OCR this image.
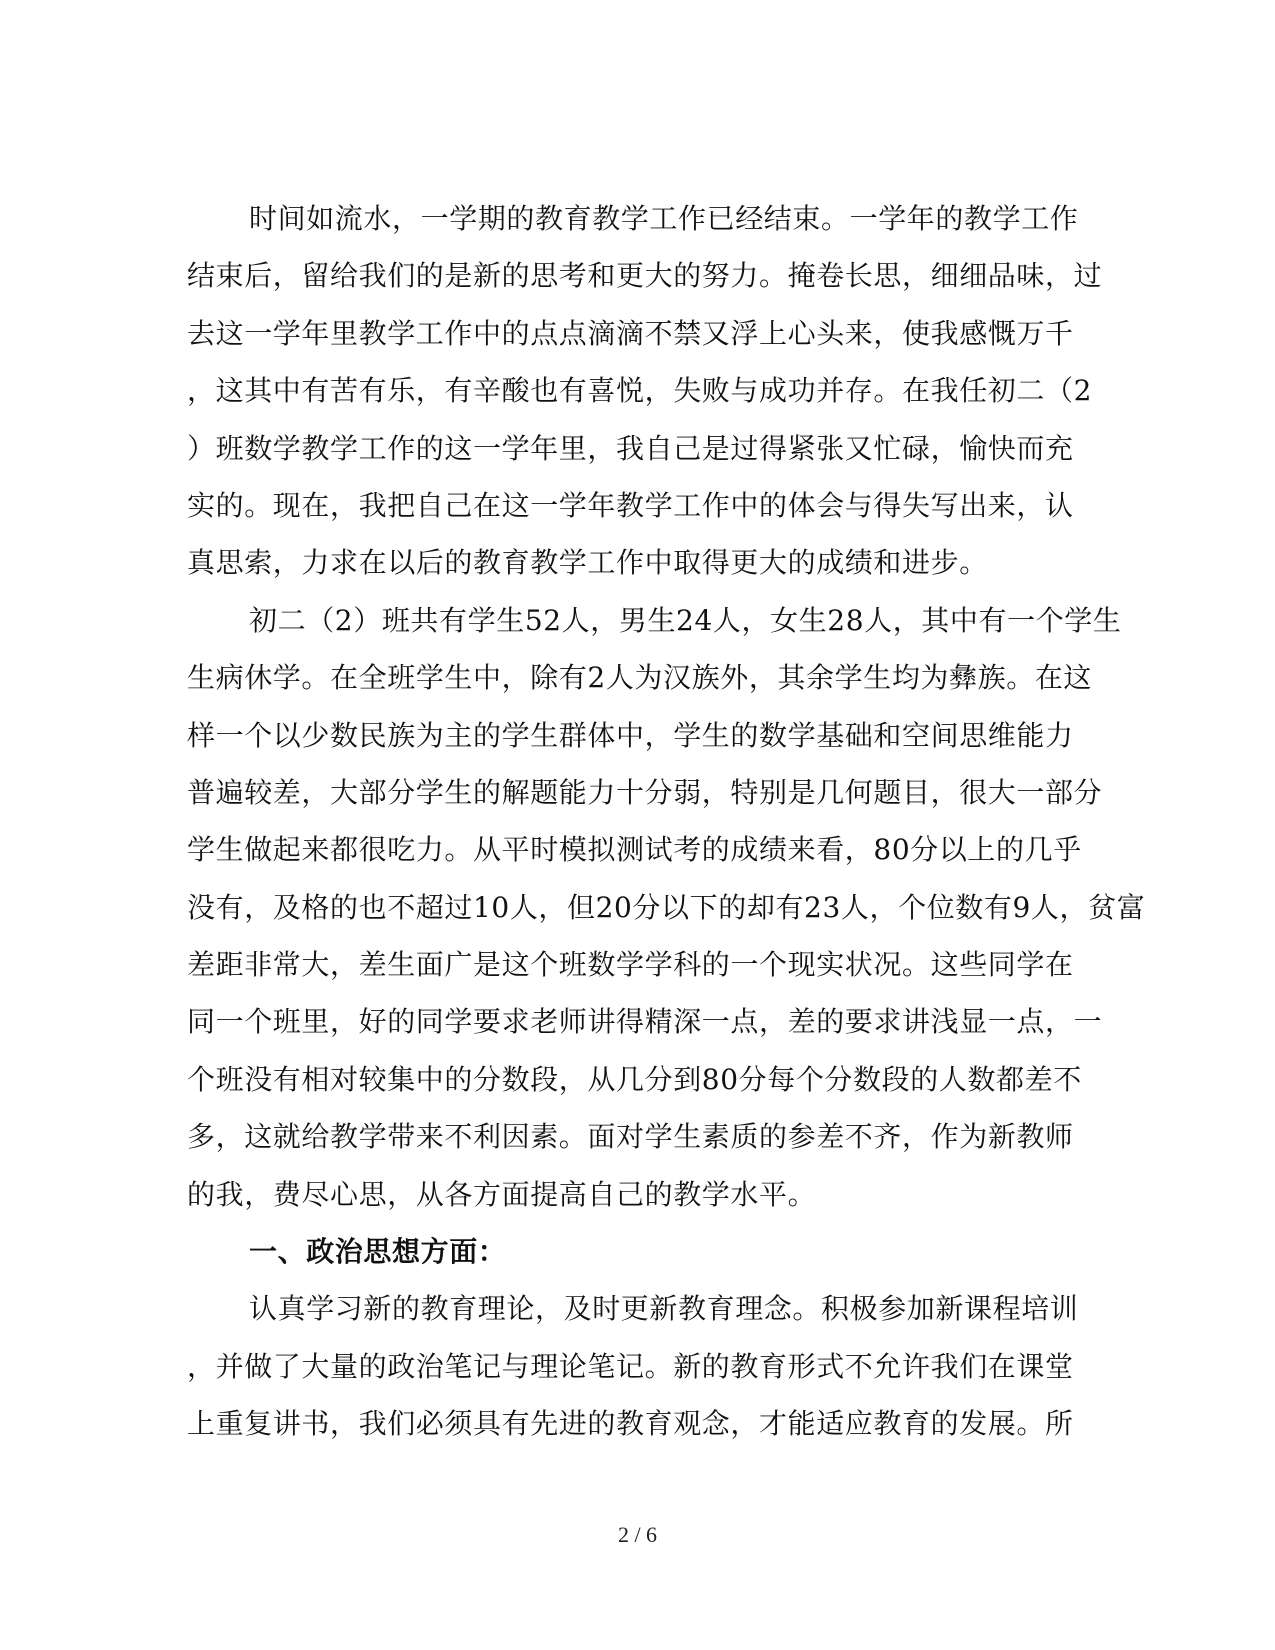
时间如流水，一学期的教育教学工作已经结束。一学年的教学工作
结束后，留给我们的是新的思考和更大的努力。掩卷长思，细细品味，过
去这一学年里教学工作中的点点滴滴不禁又浮上心头来，使我感慨万千
，这其中有苦有乐，有辛酸也有喜悦，失败与成功并存。在我任初二（2
）班数学教学工作的这一学年里，我自己是过得紧张又忙碌，愉快而充
实的。现在，我把自己在这一学年教学工作中的体会与得失写出来，认
真思索，力求在以后的教育教学工作中取得更大的成绩和进步。
初二（2）班共有学生52人，男生24人，女生28人，其中有一个学生
生病休学。在全班学生中，除有2人为汉族外，其余学生均为彝族。在这
样一个以少数民族为主的学生群体中，学生的数学基础和空间思维能力
普遍较差，大部分学生的解题能力十分弱，特别是几何题目，很大一部分
学生做起来都很吃力。从平时模拟测试考的成绩来看，80分以上的几乎
没有，及格的也不超过10人，但20分以下的却有23人，个位数有9人，贫富
差距非常大，差生面广是这个班数学学科的一个现实状况。这些同学在
同一个班里，好的同学要求老师讲得精深一点，差的要求讲浅显一点，一
个班没有相对较集中的分数段，从几分到80分每个分数段的人数都差不
多，这就给教学带来不利因素。面对学生素质的参差不齐，作为新教师
的我，费尽心思，从各方面提高自己的教学水平。
一、政治思想方面：
认真学习新的教育理论，及时更新教育理念。积极参加新课程培训
，并做了大量的政治笔记与理论笔记。新的教育形式不允许我们在课堂
上重复讲书，我们必须具有先进的教育观念，才能适应教育的发展。所
2 / 6
